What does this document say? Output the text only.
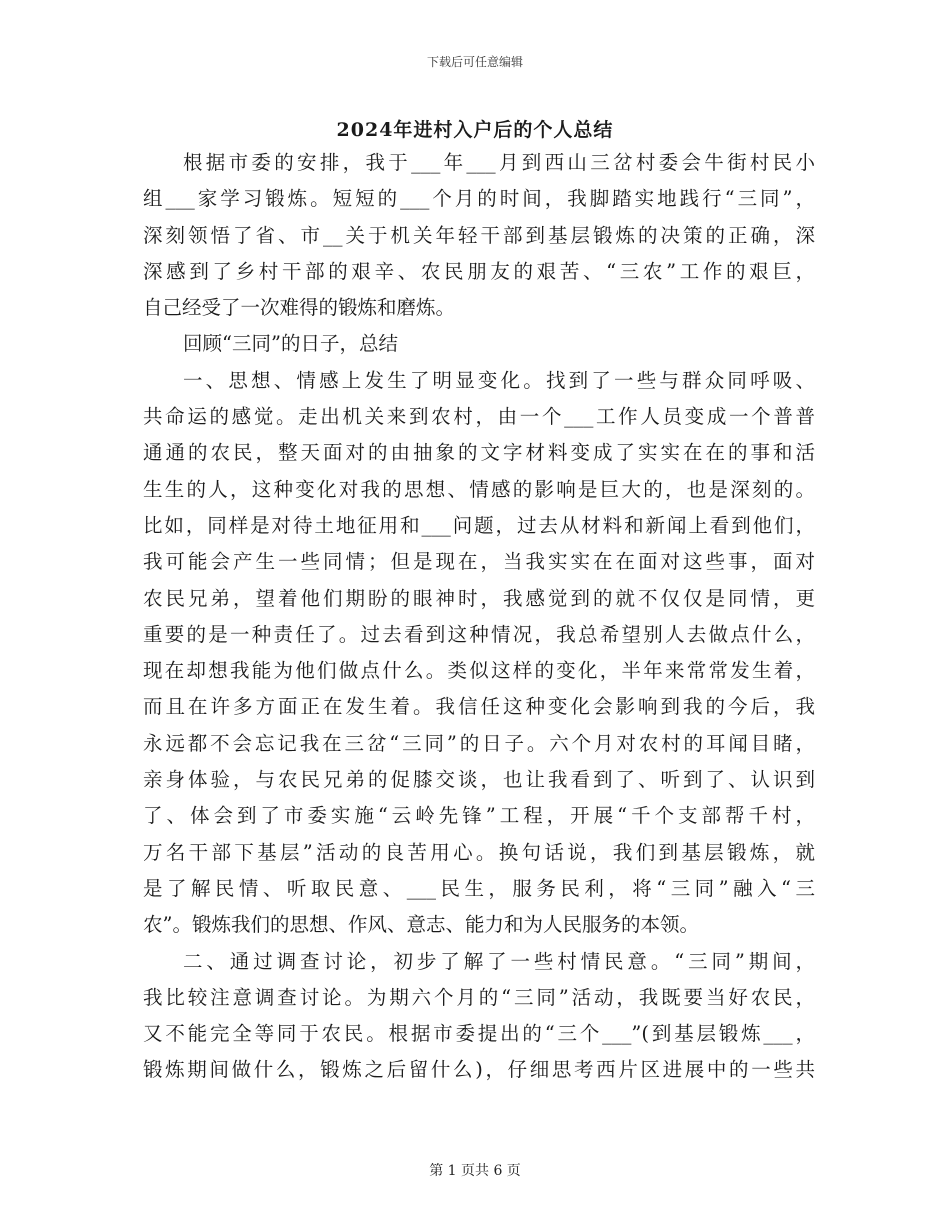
下载后可任意编辑
2024年进村入户后的个人总结
根据市委的安排，我于___年___月到西山三岔村委会牛街村民小
组___家学习锻炼。短短的___个月的时间，我脚踏实地践行“三同”，
深刻领悟了省、市__关于机关年轻干部到基层锻炼的决策的正确，深
深感到了乡村干部的艰辛、农民朋友的艰苦、“三农”工作的艰巨，
自己经受了一次难得的锻炼和磨炼。
回顾“三同”的日子，总结
一、思想、情感上发生了明显变化。找到了一些与群众同呼吸、
共命运的感觉。走出机关来到农村，由一个___工作人员变成一个普普
通通的农民，整天面对的由抽象的文字材料变成了实实在在的事和活
生生的人，这种变化对我的思想、情感的影响是巨大的，也是深刻的。
比如，同样是对待土地征用和___问题，过去从材料和新闻上看到他们，
我可能会产生一些同情；但是现在，当我实实在在面对这些事，面对
农民兄弟，望着他们期盼的眼神时，我感觉到的就不仅仅是同情，更
重要的是一种责任了。过去看到这种情况，我总希望别人去做点什么，
现在却想我能为他们做点什么。类似这样的变化，半年来常常发生着，
而且在许多方面正在发生着。我信任这种变化会影响到我的今后，我
永远都不会忘记我在三岔“三同”的日子。六个月对农村的耳闻目睹，
亲身体验，与农民兄弟的促膝交谈，也让我看到了、听到了、认识到
了、体会到了市委实施“云岭先锋”工程，开展“千个支部帮千村，
万名干部下基层”活动的良苦用心。换句话说，我们到基层锻炼，就
是了解民情、听取民意、___民生，服务民利，将“三同”融入“三
农”。锻炼我们的思想、作风、意志、能力和为人民服务的本领。
二、通过调查讨论，初步了解了一些村情民意。“三同”期间，
我比较注意调查讨论。为期六个月的“三同”活动，我既要当好农民，
又不能完全等同于农民。根据市委提出的“三个___”(到基层锻炼___，
锻炼期间做什么，锻炼之后留什么)，仔细思考西片区进展中的一些共
第 1 页共 6 页
